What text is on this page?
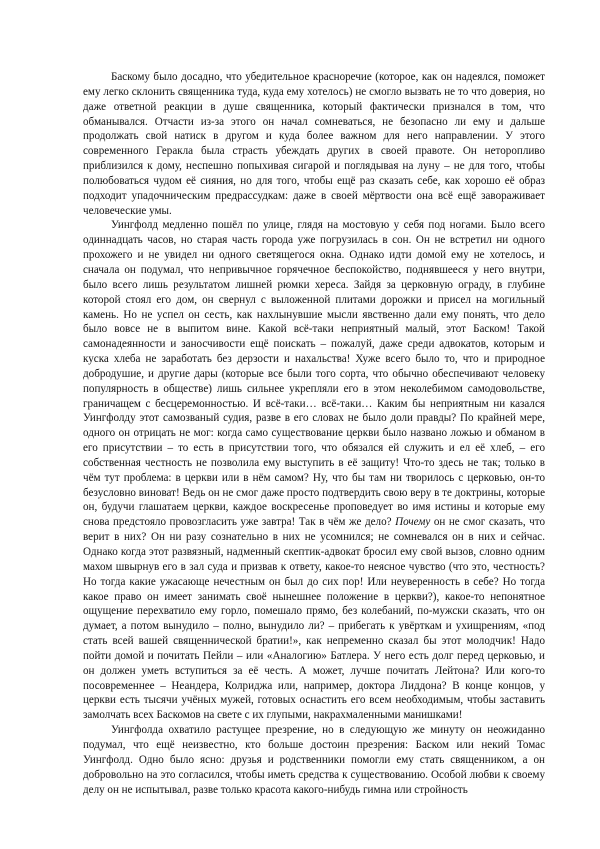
Баскому было досадно, что убедительное красноречие (которое, как он надеялся, поможет ему легко склонить священника туда, куда ему хотелось) не смогло вызвать не то что доверия, но даже ответной реакции в душе священника, который фактически признался в том, что обманывался. Отчасти из-за этого он начал сомневаться, не безопасно ли ему и дальше продолжать свой натиск в другом и куда более важном для него направлении. У этого современного Геракла была страсть убеждать других в своей правоте. Он неторопливо приблизился к дому, неспешно попыхивая сигарой и поглядывая на луну – не для того, чтобы полюбоваться чудом её сияния, но для того, чтобы ещё раз сказать себе, как хорошо её образ подходит упадочническим предрассудкам: даже в своей мёртвости она всё ещё завораживает человеческие умы.

Уингфолд медленно пошёл по улице, глядя на мостовую у себя под ногами. Было всего одиннадцать часов, но старая часть города уже погрузилась в сон. Он не встретил ни одного прохожего и не увидел ни одного светящегося окна. Однако идти домой ему не хотелось, и сначала он подумал, что непривычное горячечное беспокойство, поднявшееся у него внутри, было всего лишь результатом лишней рюмки хереса. Зайдя за церковную ограду, в глубине которой стоял его дом, он свернул с выложенной плитами дорожки и присел на могильный камень. Но не успел он сесть, как нахлынувшие мысли явственно дали ему понять, что дело было вовсе не в выпитом вине. Какой всё-таки неприятный малый, этот Баском! Такой самонадеянности и заносчивости ещё поискать – пожалуй, даже среди адвокатов, которым и куска хлеба не заработать без дерзости и нахальства! Хуже всего было то, что и природное добродушие, и другие дары (которые все были того сорта, что обычно обеспечивают человеку популярность в обществе) лишь сильнее укрепляли его в этом неколебимом самодовольстве, граничащем с бесцеремонностью. И всё-таки… всё-таки… Каким бы неприятным ни казался Уингфолду этот самозваный судия, разве в его словах не было доли правды? По крайней мере, одного он отрицать не мог: когда само существование церкви было названо ложью и обманом в его присутствии – то есть в присутствии того, что обязался ей служить и ел её хлеб, – его собственная честность не позволила ему выступить в её защиту! Что-то здесь не так; только в чём тут проблема: в церкви или в нём самом? Ну, что бы там ни творилось с церковью, он-то безусловно виноват! Ведь он не смог даже просто подтвердить свою веру в те доктрины, которые он, будучи глашатаем церкви, каждое воскресенье проповедует во имя истины и которые ему снова предстояло провозгласить уже завтра! Так в чём же дело? Почему он не смог сказать, что верит в них? Он ни разу сознательно в них не усомнился; не сомневался он в них и сейчас. Однако когда этот развязный, надменный скептик-адвокат бросил ему свой вызов, словно одним махом швырнув его в зал суда и призвав к ответу, какое-то неясное чувство (что это, честность? Но тогда какие ужасающе нечестным он был до сих пор! Или неуверенность в себе? Но тогда какое право он имеет занимать своё нынешнее положение в церкви?), какое-то непонятное ощущение перехватило ему горло, помешало прямо, без колебаний, по-мужски сказать, что он думает, а потом вынудило – полно, вынудило ли? – прибегать к увёрткам и ухищрениям, «под стать всей вашей священнической братии!», как непременно сказал бы этот молодчик! Надо пойти домой и почитать Пейли – или «Аналогию» Батлера. У него есть долг перед церковью, и он должен уметь вступиться за её честь. А может, лучше почитать Лейтона? Или кого-то посовременнее – Неандера, Колриджа или, например, доктора Лиддона? В конце концов, у церкви есть тысячи учёных мужей, готовых оснастить его всем необходимым, чтобы заставить замолчать всех Баскомов на свете с их глупыми, накрахмаленными манишками!

Уингфолда охватило растущее презрение, но в следующую же минуту он неожиданно подумал, что ещё неизвестно, кто больше достоин презрения: Баском или некий Томас Уингфолд. Одно было ясно: друзья и родственники помогли ему стать священником, а он добровольно на это согласился, чтобы иметь средства к существованию. Особой любви к своему делу он не испытывал, разве только красота какого-нибудь гимна или стройность
